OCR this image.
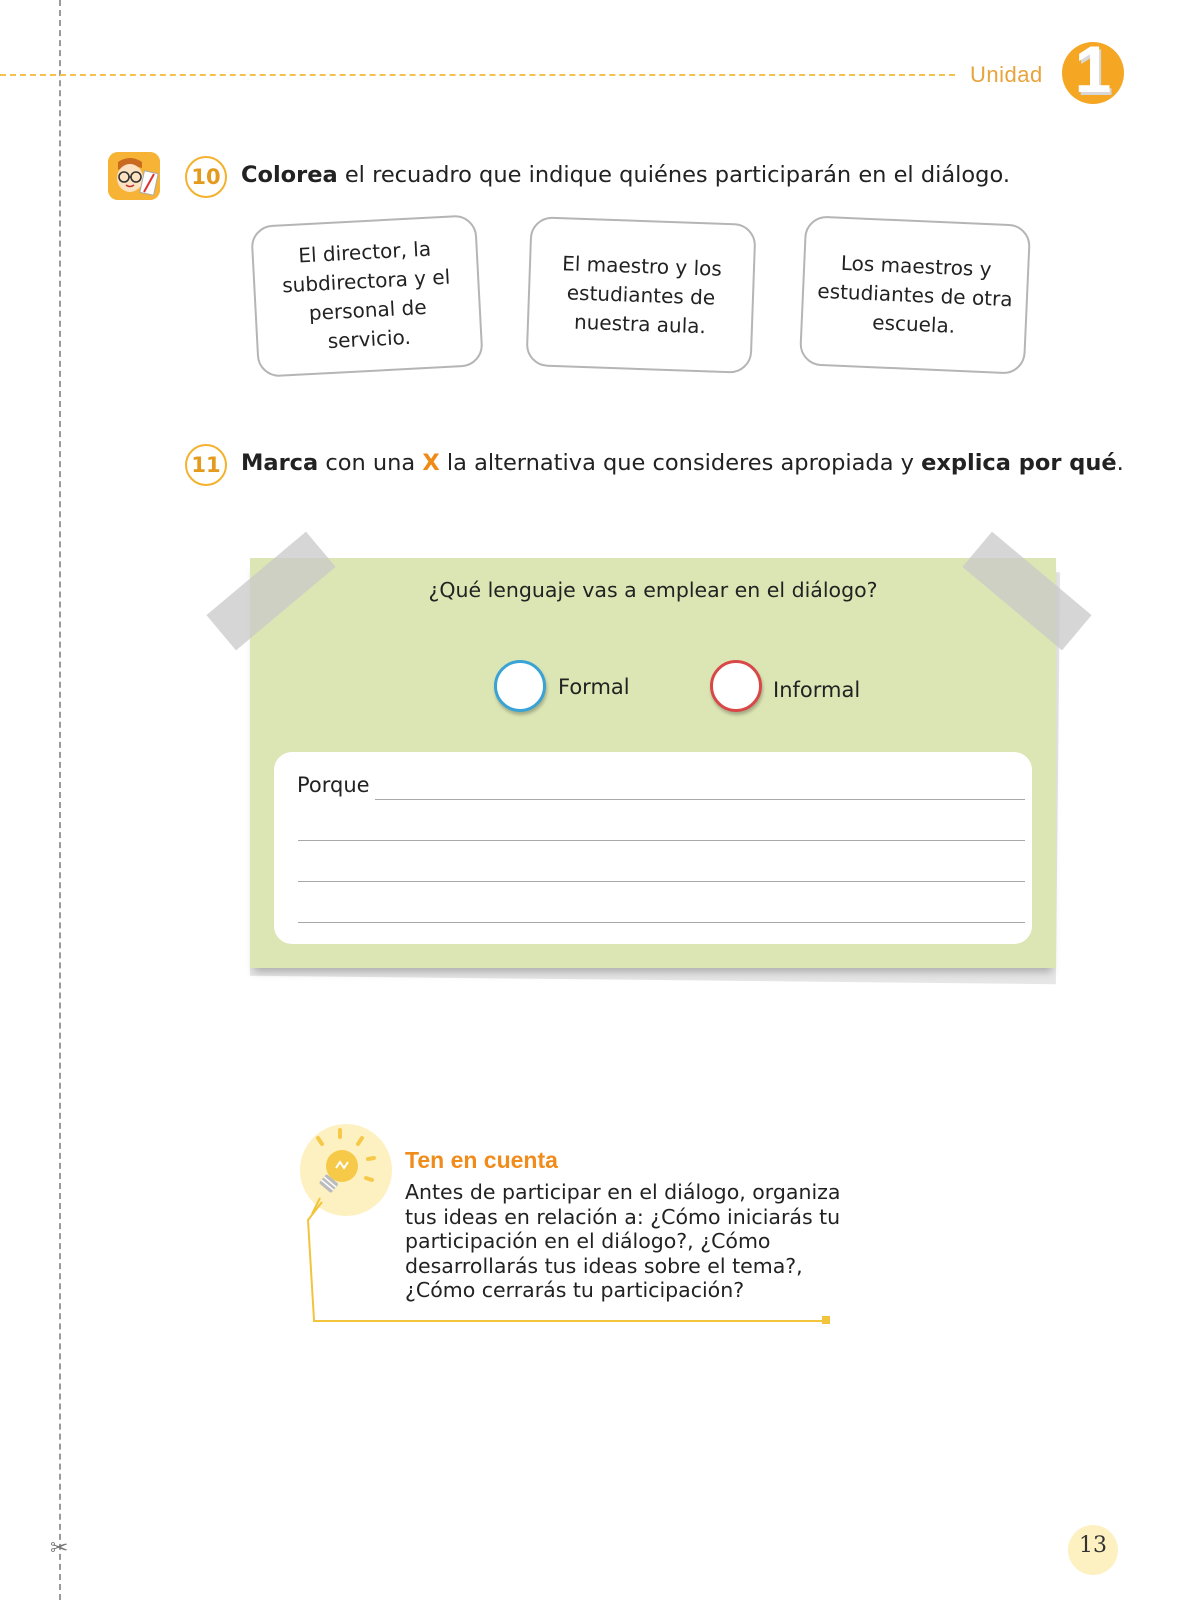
✂
Unidad 1
10 Colorea el recuadro que indique quiénes participarán en el diálogo.
El director, la subdirectora y el personal de servicio.
El maestro y los estudiantes de nuestra aula.
Los maestros y estudiantes de otra escuela.
11 Marca con una X la alternativa que consideres apropiada y explica por qué.
¿Qué lenguaje vas a emplear en el diálogo?
Formal	Informal
Porque
Ten en cuenta
Antes de participar en el diálogo, organiza tus ideas en relación a: ¿Cómo iniciarás tu participación en el diálogo?, ¿Cómo desarrollarás tus ideas sobre el tema?, ¿Cómo cerrarás tu participación?
13
